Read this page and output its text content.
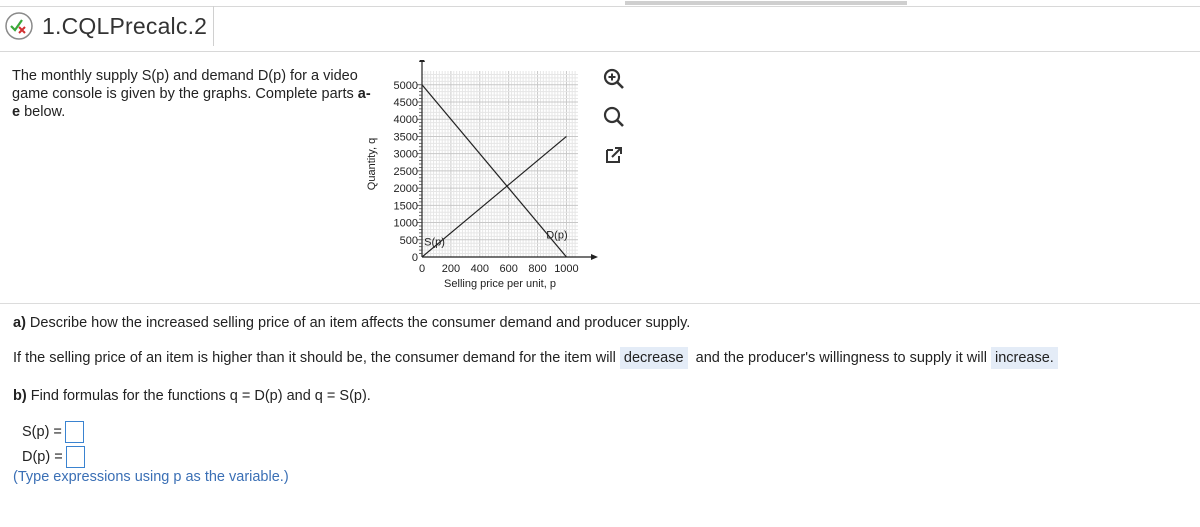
1.CQLPrecalc.2
The monthly supply S(p) and demand D(p) for a video game console is given by the graphs. Complete parts a-e below.
0
500
1000
1500
2000
2500
3000
3500
4000
4500
5000
0 200 400 600 800 1000
Selling price per unit, p
Quantity, q
S(p)
D(p)
a) Describe how the increased selling price of an item affects the consumer demand and producer supply.
If the selling price of an item is higher than it should be, the consumer demand for the item will decrease and the producer's willingness to supply it will increase.
b) Find formulas for the functions q = D(p) and q = S(p).
S(p) =
D(p) =
(Type expressions using p as the variable.)
